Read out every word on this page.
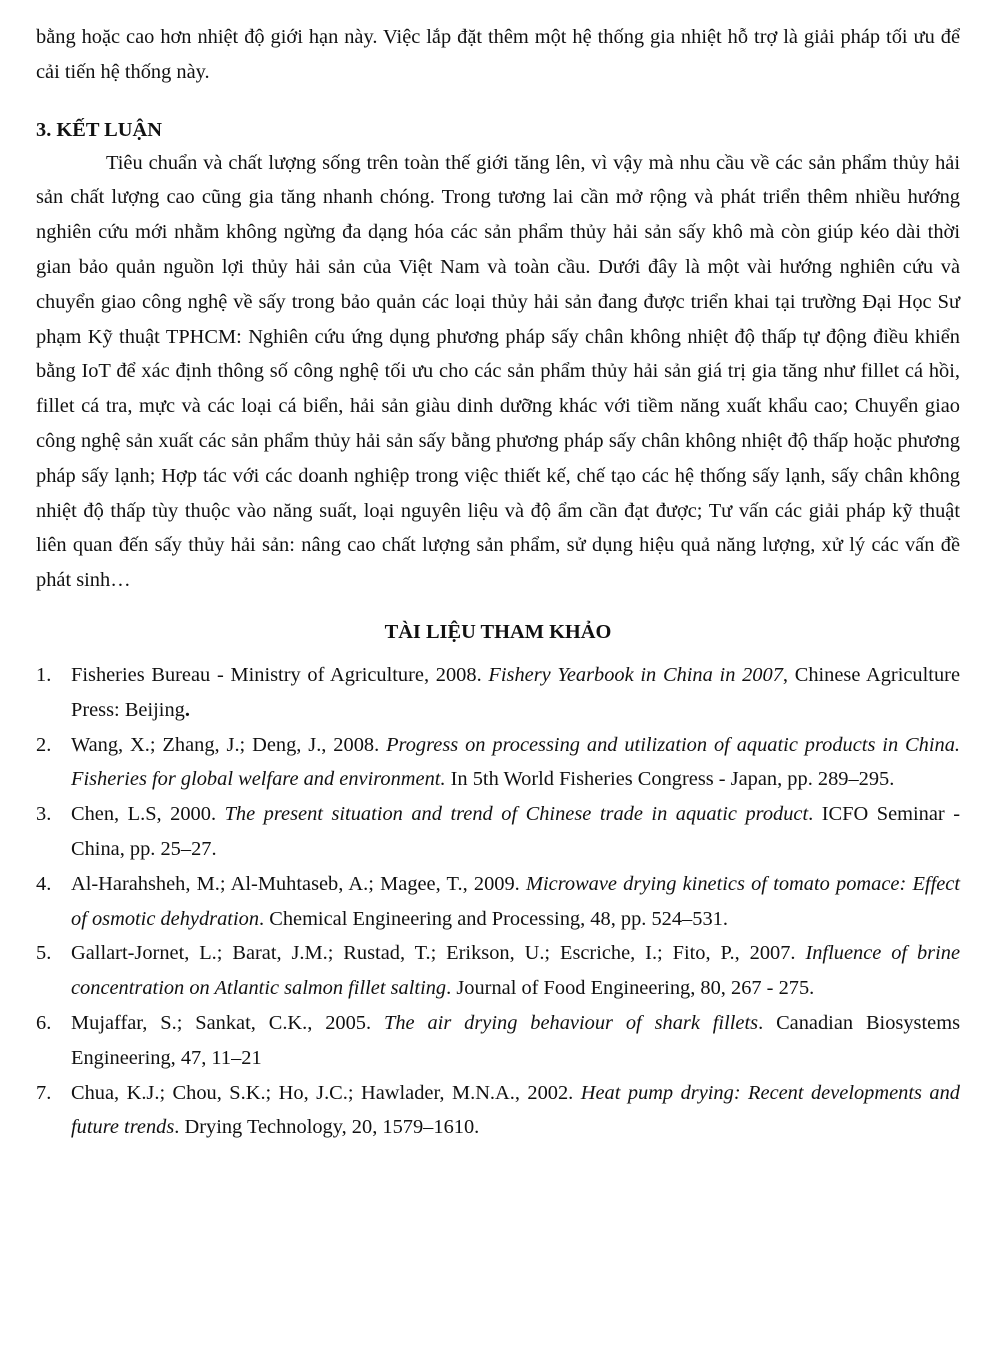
bằng hoặc cao hơn nhiệt độ giới hạn này. Việc lắp đặt thêm một hệ thống gia nhiệt hỗ trợ là giải pháp tối ưu để cải tiến hệ thống này.

3. KẾT LUẬN

Tiêu chuẩn và chất lượng sống trên toàn thế giới tăng lên, vì vậy mà nhu cầu về các sản phẩm thủy hải sản chất lượng cao cũng gia tăng nhanh chóng. Trong tương lai cần mở rộng và phát triển thêm nhiều hướng nghiên cứu mới nhằm không ngừng đa dạng hóa các sản phẩm thủy hải sản sấy khô mà còn giúp kéo dài thời gian bảo quản nguồn lợi thủy hải sản của Việt Nam và toàn cầu. Dưới đây là một vài hướng nghiên cứu và chuyển giao công nghệ về sấy trong bảo quản các loại thủy hải sản đang được triển khai tại trường Đại Học Sư phạm Kỹ thuật TPHCM: Nghiên cứu ứng dụng phương pháp sấy chân không nhiệt độ thấp tự động điều khiển bằng IoT để xác định thông số công nghệ tối ưu cho các sản phẩm thủy hải sản giá trị gia tăng như fillet cá hồi, fillet cá tra, mực và các loại cá biển, hải sản giàu dinh dưỡng khác với tiềm năng xuất khẩu cao; Chuyển giao công nghệ sản xuất các sản phẩm thủy hải sản sấy bằng phương pháp sấy chân không nhiệt độ thấp hoặc phương pháp sấy lạnh; Hợp tác với các doanh nghiệp trong việc thiết kế, chế tạo các hệ thống sấy lạnh, sấy chân không nhiệt độ thấp tùy thuộc vào năng suất, loại nguyên liệu và độ ẩm cần đạt được; Tư vấn các giải pháp kỹ thuật liên quan đến sấy thủy hải sản: nâng cao chất lượng sản phẩm, sử dụng hiệu quả năng lượng, xử lý các vấn đề phát sinh…

TÀI LIỆU THAM KHẢO
1. Fisheries Bureau - Ministry of Agriculture, 2008. Fishery Yearbook in China in 2007, Chinese Agriculture Press: Beijing.
2. Wang, X.; Zhang, J.; Deng, J., 2008. Progress on processing and utilization of aquatic products in China. Fisheries for global welfare and environment. In 5th World Fisheries Congress - Japan, pp. 289–295.
3. Chen, L.S, 2000. The present situation and trend of Chinese trade in aquatic product. ICFO Seminar - China, pp. 25–27.
4. Al-Harahsheh, M.; Al-Muhtaseb, A.; Magee, T., 2009. Microwave drying kinetics of tomato pomace: Effect of osmotic dehydration. Chemical Engineering and Processing, 48, pp. 524–531.
5. Gallart-Jornet, L.; Barat, J.M.; Rustad, T.; Erikson, U.; Escriche, I.; Fito, P., 2007. Influence of brine concentration on Atlantic salmon fillet salting. Journal of Food Engineering, 80, 267 - 275.
6. Mujaffar, S.; Sankat, C.K., 2005. The air drying behaviour of shark fillets. Canadian Biosystems Engineering, 47, 11–21
7. Chua, K.J.; Chou, S.K.; Ho, J.C.; Hawlader, M.N.A., 2002. Heat pump drying: Recent developments and future trends. Drying Technology, 20, 1579–1610.
